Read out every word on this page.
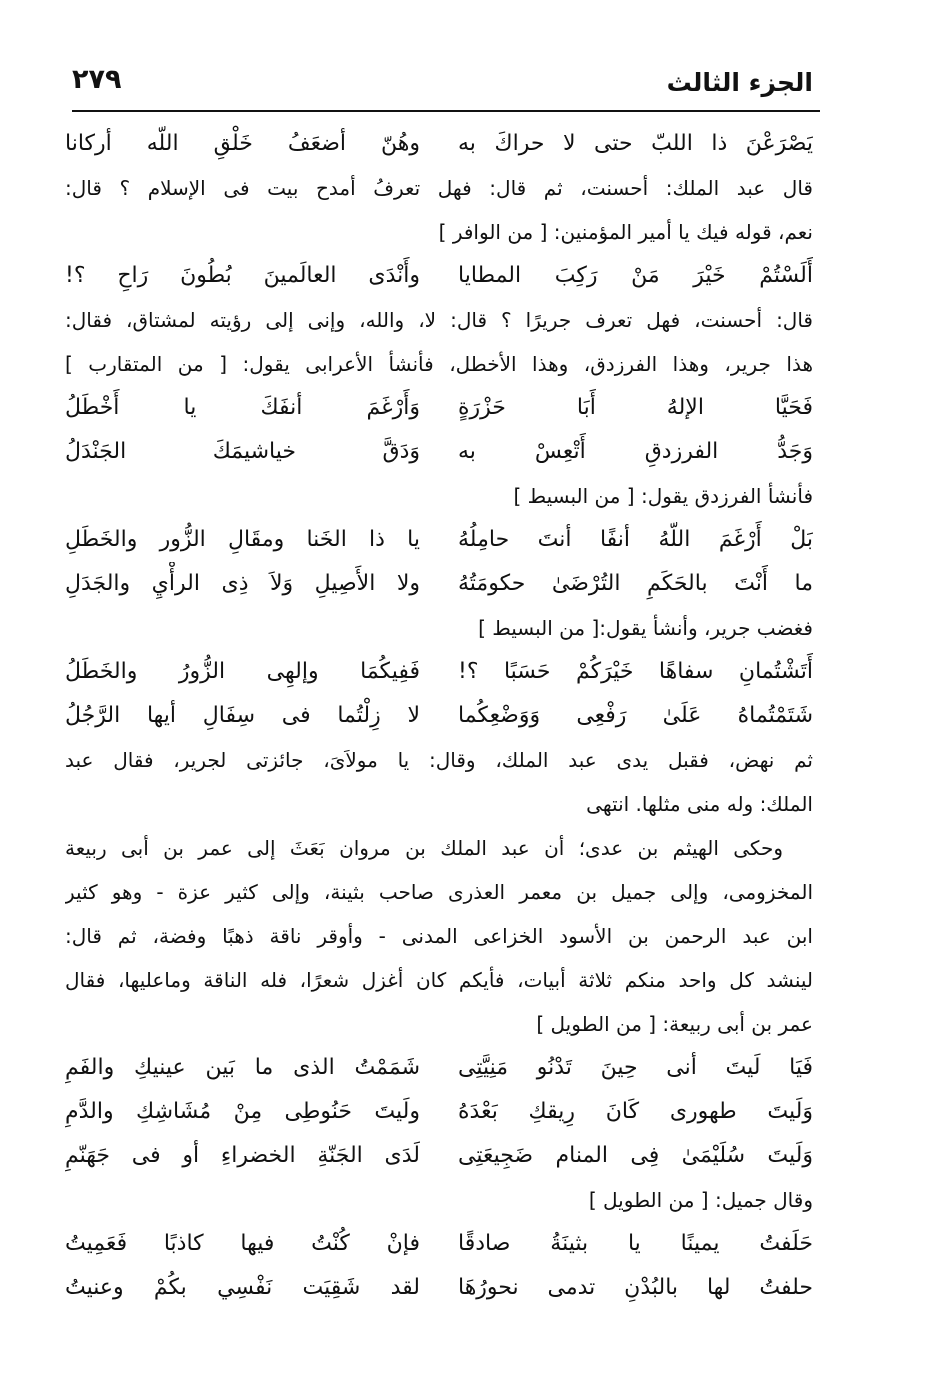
الجزء الثالث
٢٧٩
يَصْرَعْنَ ذا اللبّ حتى لا حراكَ به
وهُنّ أضعَفُ خَلْقِ اللّه أركانا
قال عبد الملك: أحسنت، ثم قال: فهل تعرفُ أمدح بيت فى الإسلام ؟ قال:
نعم، قوله فيك يا أمير المؤمنين: [ من الوافر ]
أَلَسْتُمْ خَيْرَ مَنْ رَكِبَ المطايا
وأَنْدَى العالَمينَ بُطُونَ رَاحِ ؟!
قال: أحسنت، فهل تعرف جريرًا ؟ قال: لا، والله، وإنى إلى رؤيته لمشتاق، فقال:
هذا جرير، وهذا الفرزدق، وهذا الأخطل، فأنشأ الأعرابى يقول: [ من المتقارب ]
فَحَيَّا الإلهُ أَبَا حَزْرَةٍ
وَأَرْغَمَ أنفَكَ يا أَخْطَلُ
وَجَدُّ الفرزدقِ أَتْعِسْ به
وَدَقَّ خياشيمَكَ الجَنْدَلُ
فأنشأ الفرزدق يقول: [ من البسيط ]
بَلْ أَرْغَمَ اللّهُ أنفًا أنتَ حامِلُهُ
يا ذا الخَنا ومقَالِ الزُّور والخَطَلِ
ما أَنْتَ بالحَكَمِ التُرْضَىٰ حكومَتُهُ
ولا الأَصِيلِ وَلاَ ذِى الرأْيِ والجَدَلِ
فغضب جرير، وأنشأ يقول:[ من البسيط ]
أَتَشْتُمانِ سفاهًا خَيْرَكُمْ حَسَبًا ؟!
فَفِيكُمَا وإلهِى الزُّورُ والخَطَلُ
شَتَمْتُماهُ عَلَىٰ رَفْعِى وَوَضْعِكُما
لا زِلْتُما فى سِفَالِ أيها الرَّجُلُ
ثم نهض، فقبل يدى عبد الملك، وقال: يا مولاَىَ، جائزتى لجرير، فقال عبد
الملك: وله منى مثلها. انتهى
وحكى الهيثم بن عدى؛ أن عبد الملك بن مروان بَعَثَ إلى عمر بن أبى ربيعة
المخزومى، وإلى جميل بن معمر العذرى صاحب بثينة، وإلى كثير عزة - وهو كثير
ابن عبد الرحمن بن الأسود الخزاعى المدنى - وأوقر ناقة ذهبًا وفضة، ثم قال:
لينشد كل واحد منكم ثلاثة أبيات، فأيكم كان أغزل شعرًا، فله الناقة وماعليها، فقال
عمر بن أبى ربيعة: [ من الطويل ]
فَيَا لَيتَ أنى حِينَ تَدْنُو مَنِيَّتِى
شَمَمْتُ الذى ما بَين عينيكِ والفَمِ
وَلَيتَ طهورى كَانَ رِيقكِ بَعْدَهُ
ولَيتَ حَنُوطِى مِنْ مُشَاشِكِ والدَّمِ
وَلَيتَ سُلَيْمَىٰ فِى المنام ضَجِيعَتِى
لَدَى الجَنّةِ الخضراءِ أو فى جَهَنّمِ
وقال جميل: [ من الطويل ]
حَلَفتُ يمينًا يا بثينَةُ صادقًا
فإنْ كُنْتُ فيها كاذبًا فَعَمِيتُ
حلفتُ لها بالبُدْنِ تدمى نحورُهَا
لقد شَقِيَت نَفْسِي بكُمْ وعنيتُ
